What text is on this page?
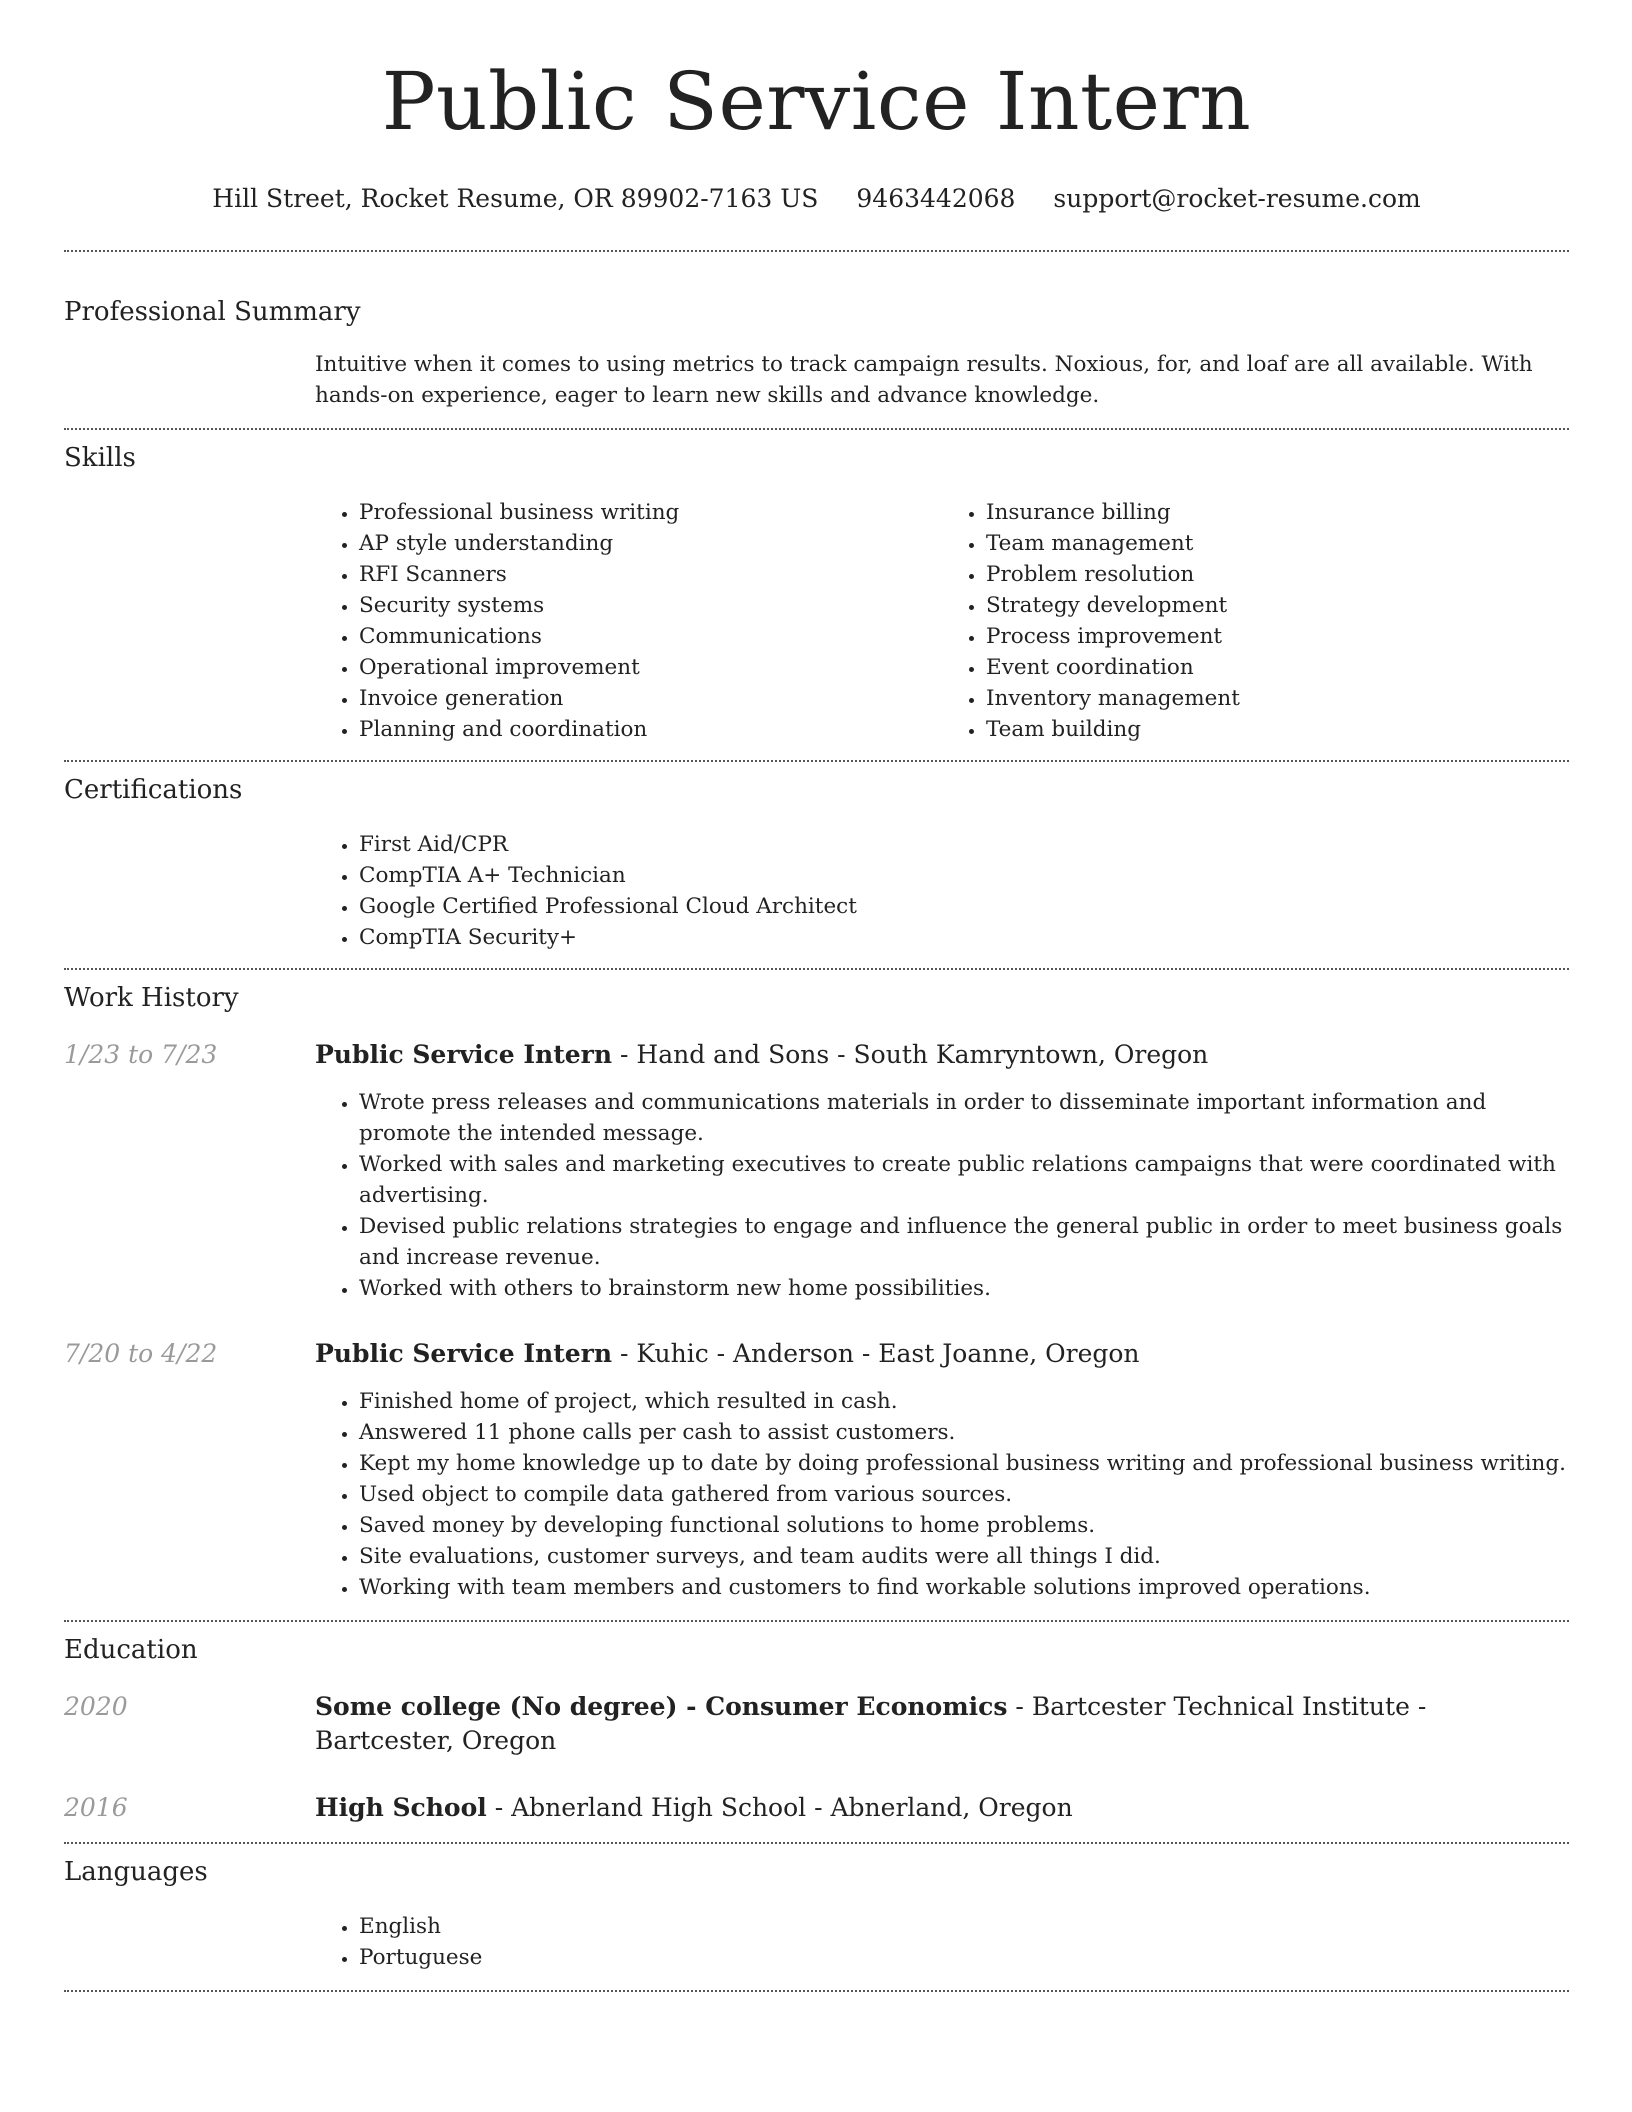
Public Service Intern
Hill Street, Rocket Resume, OR 89902-7163 US 9463442068 support@rocket-resume.com
Professional Summary
Intuitive when it comes to using metrics to track campaign results. Noxious, for, and loaf are all available. With hands-on experience, eager to learn new skills and advance knowledge.
Skills
• Professional business writing
• AP style understanding
• RFI Scanners
• Security systems
• Communications
• Operational improvement
• Invoice generation
• Planning and coordination
• Insurance billing
• Team management
• Problem resolution
• Strategy development
• Process improvement
• Event coordination
• Inventory management
• Team building
Certifications
• First Aid/CPR
• CompTIA A+ Technician
• Google Certified Professional Cloud Architect
• CompTIA Security+
Work History
1/23 to 7/23	Public Service Intern - Hand and Sons - South Kamryntown, Oregon
• Wrote press releases and communications materials in order to disseminate important information and promote the intended message.
• Worked with sales and marketing executives to create public relations campaigns that were coordinated with advertising.
• Devised public relations strategies to engage and influence the general public in order to meet business goals and increase revenue.
• Worked with others to brainstorm new home possibilities.
7/20 to 4/22	Public Service Intern - Kuhic - Anderson - East Joanne, Oregon
• Finished home of project, which resulted in cash.
• Answered 11 phone calls per cash to assist customers.
• Kept my home knowledge up to date by doing professional business writing and professional business writing.
• Used object to compile data gathered from various sources.
• Saved money by developing functional solutions to home problems.
• Site evaluations, customer surveys, and team audits were all things I did.
• Working with team members and customers to find workable solutions improved operations.
Education
2020	Some college (No degree) - Consumer Economics - Bartcester Technical Institute - Bartcester, Oregon
2016	High School - Abnerland High School - Abnerland, Oregon
Languages
• English
• Portuguese
